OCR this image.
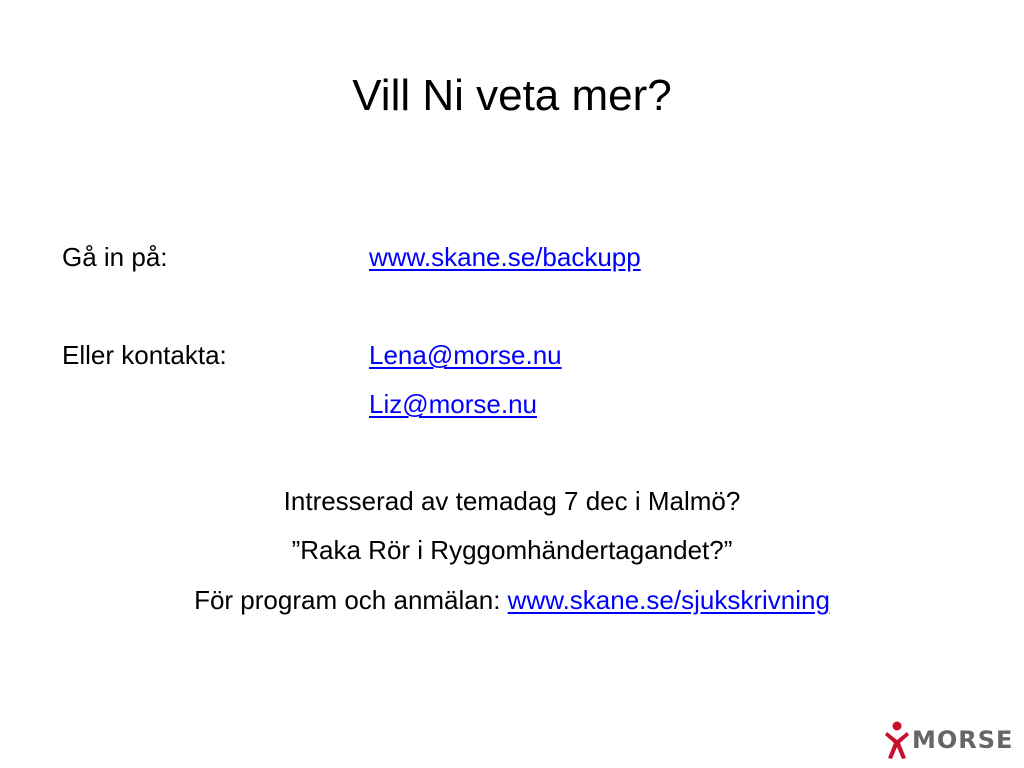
Vill Ni veta mer?
Gå in på:	www.skane.se/backupp
Eller kontakta:	Lena@morse.nu
Liz@morse.nu
Intresserad av temadag 7 dec i Malmö?
”Raka Rör i Ryggomhändertagandet?”
För program och anmälan: www.skane.se/sjukskrivning
MORSE
